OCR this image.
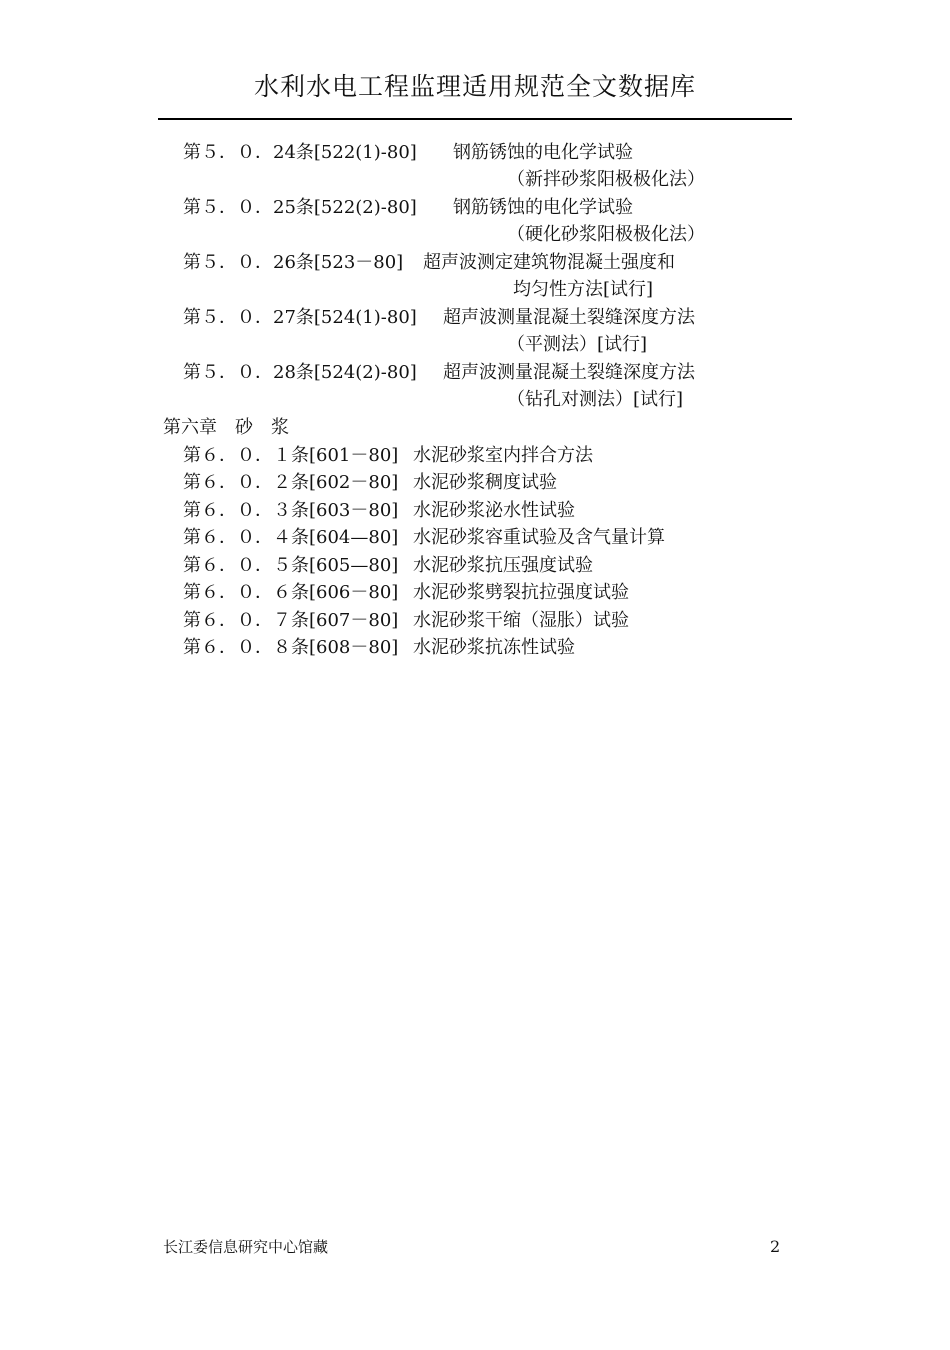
水利水电工程监理适用规范全文数据库
第５．０．24条[522(1)-80] 钢筋锈蚀的电化学试验
（新拌砂浆阳极极化法）
第５．０．25条[522(2)-80] 钢筋锈蚀的电化学试验
（硬化砂浆阳极极化法）
第５．０．26条[523－80] 超声波测定建筑物混凝土强度和
均匀性方法[试行]
第５．０．27条[524(1)-80] 超声波测量混凝土裂缝深度方法
（平测法）[试行]
第５．０．28条[524(2)-80] 超声波测量混凝土裂缝深度方法
（钻孔对测法）[试行]
第六章　砂　浆
第６．０．１条[601－80] 水泥砂浆室内拌合方法
第６．０．２条[602－80] 水泥砂浆稠度试验
第６．０．３条[603－80] 水泥砂浆泌水性试验
第６．０．４条[604—80] 水泥砂浆容重试验及含气量计算
第６．０．５条[605—80] 水泥砂浆抗压强度试验
第６．０．６条[606－80] 水泥砂浆劈裂抗拉强度试验
第６．０．７条[607－80] 水泥砂浆干缩（湿胀）试验
第６．０．８条[608－80] 水泥砂浆抗冻性试验
长江委信息研究中心馆藏	2
